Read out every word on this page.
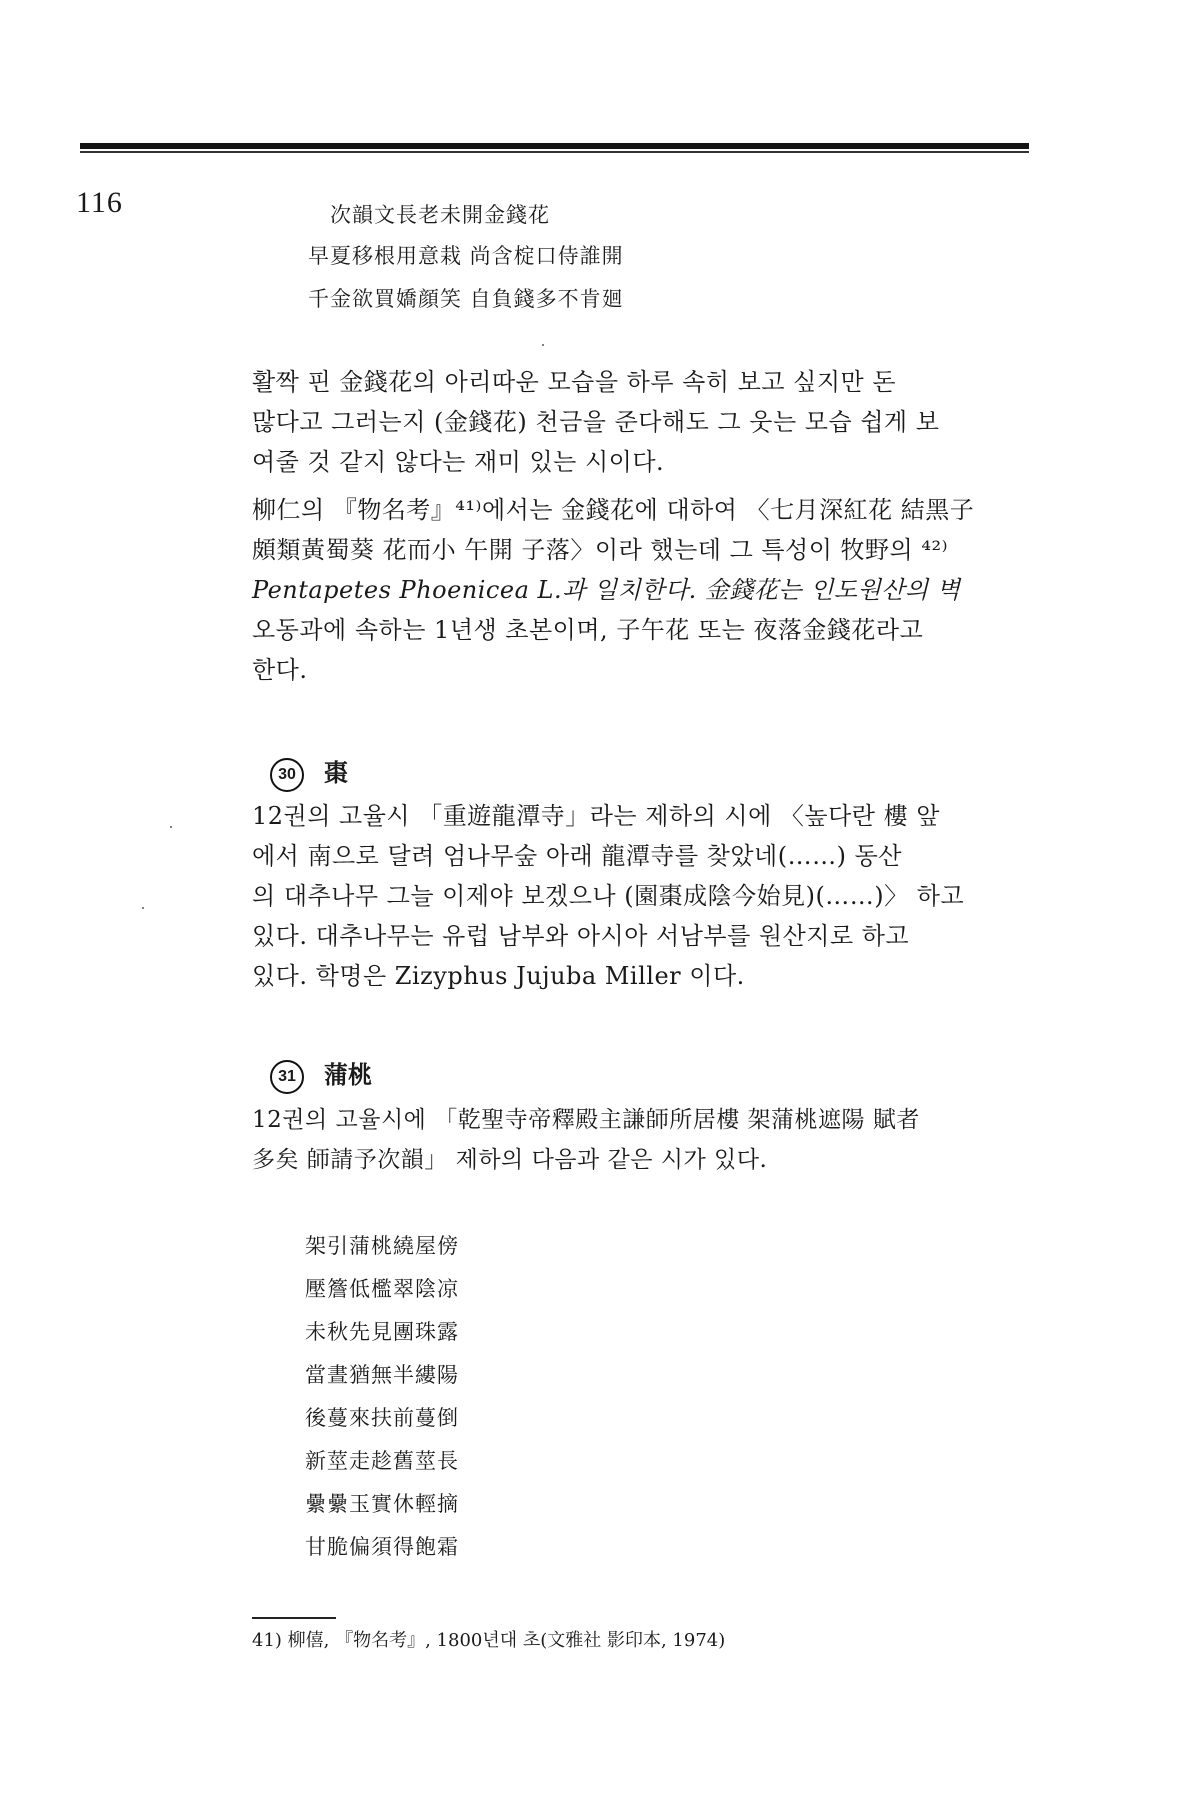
116	次韻文長老未開金錢花
早夏移根用意栽 尚含椗口侍誰開
千金欲買嬌顔笑 自負錢多不肯廻
활짝 핀 金錢花의 아리따운 모습을 하루 속히 보고 싶지만 돈
많다고 그러는지 (金錢花) 천금을 준다해도 그 웃는 모습 쉽게 보
여줄 것 같지 않다는 재미 있는 시이다.
柳仁의 『物名考』⁴¹⁾에서는 金錢花에 대하여 〈七月深紅花 結黑子
頗類黃蜀葵 花而小 午開 子落〉이라 했는데 그 특성이 牧野의 ⁴²⁾
Pentapetes Phoenicea L.과 일치한다. 金錢花는 인도원산의 벽
오동과에 속하는 1년생 초본이며, 子午花 또는 夜落金錢花라고
한다.
30 棗
12권의 고율시 「重遊龍潭寺」라는 제하의 시에 〈높다란 樓 앞
에서 南으로 달려 엄나무숲 아래 龍潭寺를 찾았네(……) 동산
의 대추나무 그늘 이제야 보겠으나 (園棗成陰今始見)(……)〉 하고
있다. 대추나무는 유럽 남부와 아시아 서남부를 원산지로 하고
있다. 학명은 Zizyphus Jujuba Miller 이다.
31 蒲桃
12권의 고율시에 「乾聖寺帝釋殿主謙師所居樓 架蒲桃遮陽 賦者
多矣 師請予次韻」 제하의 다음과 같은 시가 있다.
架引蒲桃繞屋傍
壓簷低檻翠陰凉
未秋先見團珠露
當晝猶無半縷陽
後蔓來扶前蔓倒
新莖走趁舊莖長
纍纍玉實休輕摘
甘脆偏須得飽霜
41) 柳僖, 『物名考』, 1800년대 초(文雅社 影印本, 1974)
